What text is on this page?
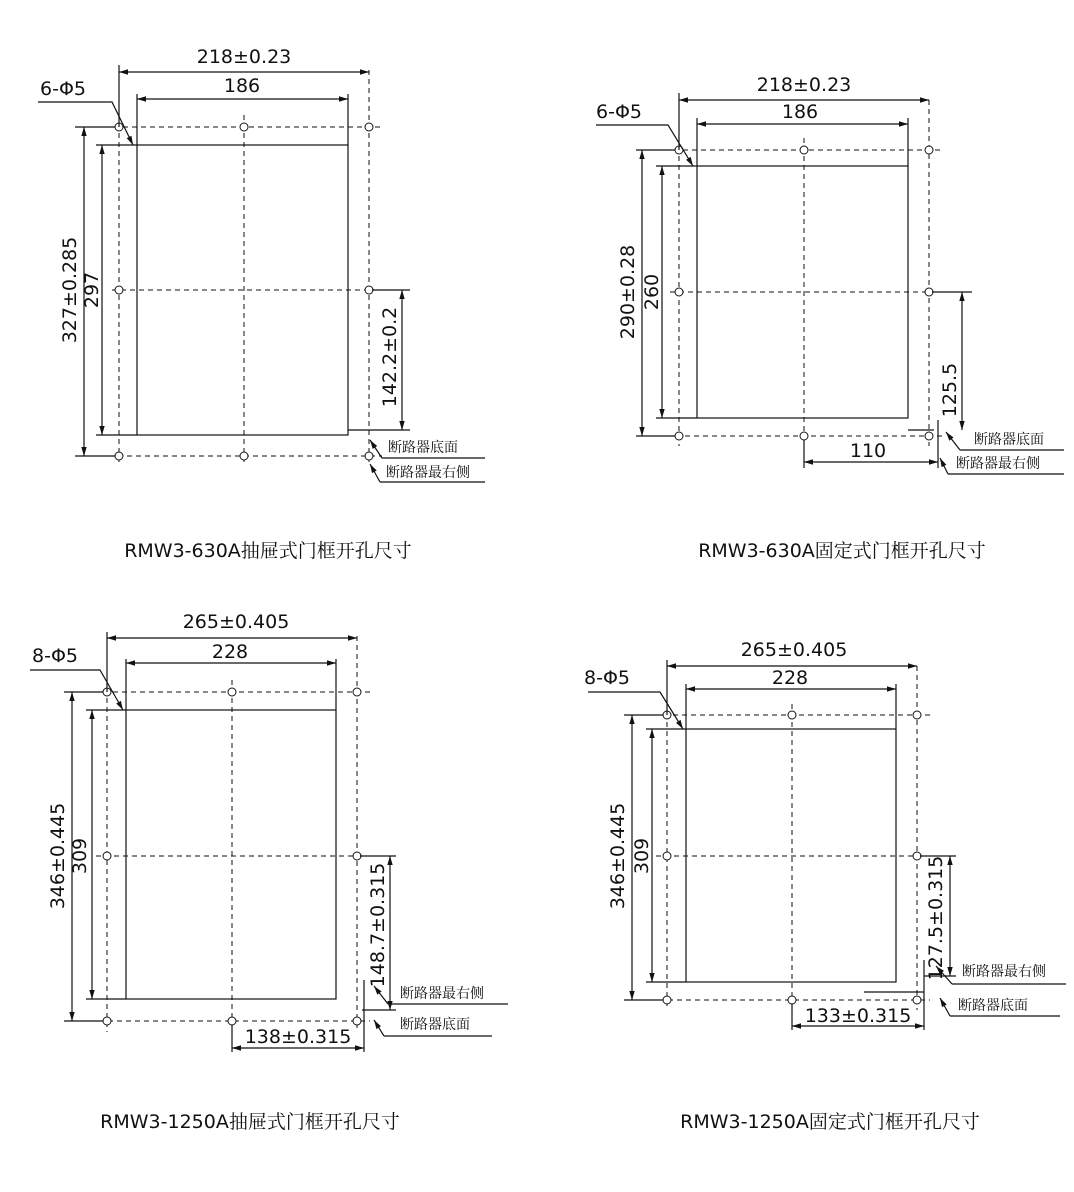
218±0.23
186
6-Φ5
327±0.285 297
142.2±0.2
断路器底面
断路器最右侧
RMW3-630A抽屉式门框开孔尺寸
218±0.23
186
6-Φ5
290±0.28 260
125.5
110	断路器底面
断路器最右侧
RMW3-630A固定式门框开孔尺寸
265±0.405
228
8-Φ5
346±0.445 309
148.7±0.315
138±0.315
断路器最右侧
断路器底面
RMW3-1250A抽屉式门框开孔尺寸
265±0.405
228
8-Φ5
346±0.445 309	127.5±0.315
133±0.315
断路器最右侧
断路器底面
RMW3-1250A固定式门框开孔尺寸
